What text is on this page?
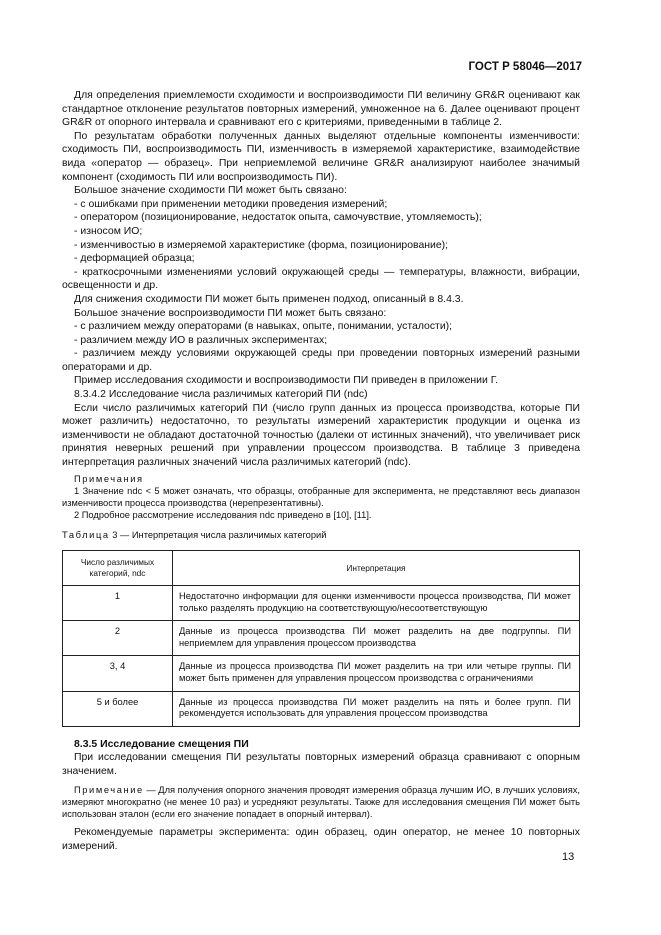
ГОСТ Р 58046—2017

Для определения приемлемости сходимости и воспроизводимости ПИ величину GR&R оценивают как стандартное отклонение результатов повторных измерений, умноженное на 6. Далее оценивают процент GR&R от опорного интервала и сравнивают его с критериями, приведенными в таблице 2.

По результатам обработки полученных данных выделяют отдельные компоненты изменчивости: сходимость ПИ, воспроизводимость ПИ, изменчивость в измеряемой характеристике, взаимодействие вида «оператор — образец». При неприемлемой величине GR&R анализируют наиболее значимый компонент (сходимость ПИ или воспроизводимость ПИ).

Большое значение сходимости ПИ может быть связано:

- с ошибками при применении методики проведения измерений;

- оператором (позиционирование, недостаток опыта, самочувствие, утомляемость);

- износом ИО;

- изменчивостью в измеряемой характеристике (форма, позиционирование);

- деформацией образца;

- краткосрочными изменениями условий окружающей среды — температуры, влажности, вибрации, освещенности и др.

Для снижения сходимости ПИ может быть применен подход, описанный в 8.4.3.

Большое значение воспроизводимости ПИ может быть связано:

- с различием между операторами (в навыках, опыте, понимании, усталости);

- различием между ИО в различных экспериментах;

- различием между условиями окружающей среды при проведении повторных измерений разными операторами и др.

Пример исследования сходимости и воспроизводимости ПИ приведен в приложении Г.

8.3.4.2 Исследование числа различимых категорий ПИ (ndc)

Если число различимых категорий ПИ (число групп данных из процесса производства, которые ПИ может различить) недостаточно, то результаты измерений характеристик продукции и оценка из изменчивости не обладают достаточной точностью (далеки от истинных значений), что увеличивает риск принятия неверных решений при управлении процессом производства. В таблице 3 приведена интерпретация различных значений числа различимых категорий (ndc).

Примечания

1 Значение ndc < 5 может означать, что образцы, отобранные для эксперимента, не представляют весь диапазон изменчивости процесса производства (нерепрезентативны).

2 Подробное рассмотрение исследования ndc приведено в [10], [11].

Таблица 3 — Интерпретация числа различимых категорий
Число различимых категорий, ndc	Интерпретация
1	Недостаточно информации для оценки изменчивости процесса производства, ПИ может только разделять продукцию на соответствующую/несоответствующую
2	Данные из процесса производства ПИ может разделить на две подгруппы. ПИ неприемлем для управления процессом производства
3, 4	Данные из процесса производства ПИ может разделить на три или четыре группы. ПИ может быть применен для управления процессом производства с ограничениями
5 и более	Данные из процесса производства ПИ может разделить на пять и более групп. ПИ рекомендуется использовать для управления процессом производства

8.3.5 Исследование смещения ПИ

При исследовании смещения ПИ результаты повторных измерений образца сравнивают с опорным значением.

Примечание — Для получения опорного значения проводят измерения образца лучшим ИО, в лучших условиях, измеряют многократно (не менее 10 раз) и усредняют результаты. Также для исследования смещения ПИ может быть использован эталон (если его значение попадает в опорный интервал).

Рекомендуемые параметры эксперимента: один образец, один оператор, не менее 10 повторных измерений.

13
